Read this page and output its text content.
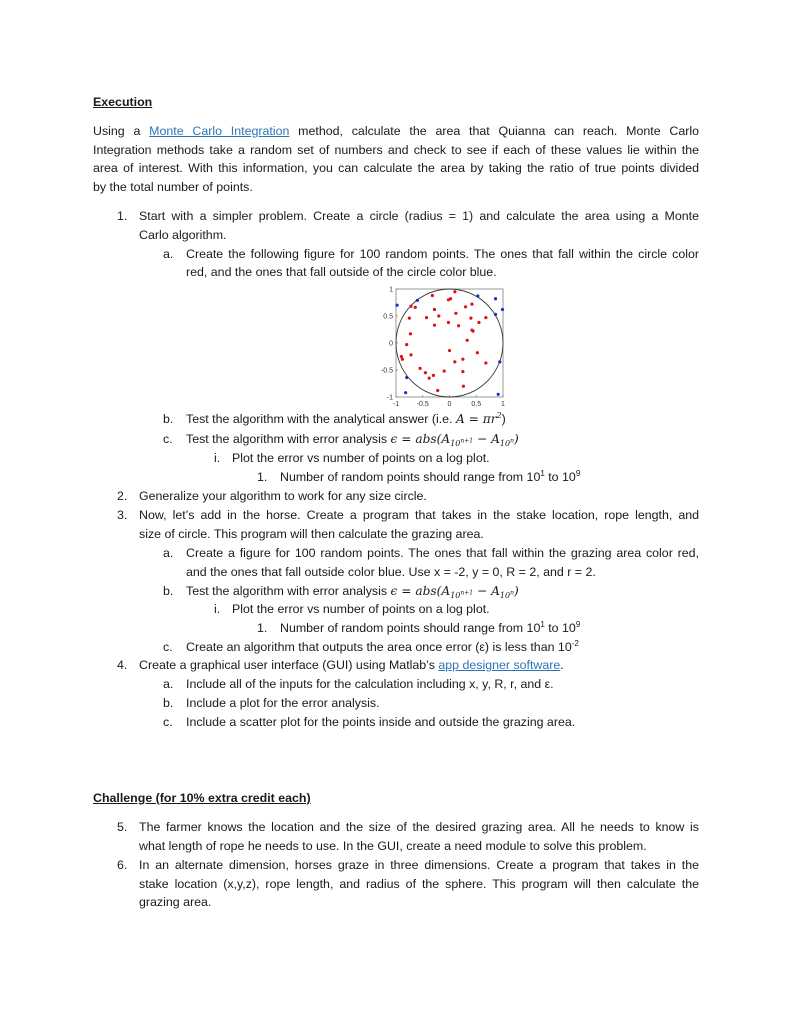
Execution
Using a Monte Carlo Integration method, calculate the area that Quianna can reach. Monte Carlo
Integration methods take a random set of numbers and check to see if each of these values lie within the
area of interest. With this information, you can calculate the area by taking the ratio of true points divided
by the total number of points.
1. Start with a simpler problem. Create a circle (radius = 1) and calculate the area using a Monte
Carlo algorithm.
a. Create the following figure for 100 random points. The ones that fall within the circle color
red, and the ones that fall outside of the circle color blue.
-1	-0.5	0	0.5	1
1
0.5
0
-0.5
-1
b. Test the algorithm with the analytical answer (i.e. $A = \pi r^2$)
c. Test the algorithm with error analysis $\epsilon = abs(A_{10^{n+1}} - A_{10^n})$
i. Plot the error vs number of points on a log plot.
1. Number of random points should range from $10^1$ to $10^9$
2. Generalize your algorithm to work for any size circle.
3. Now, let’s add in the horse. Create a program that takes in the stake location, rope length, and
size of circle. This program will then calculate the grazing area.
a. Create a figure for 100 random points. The ones that fall within the grazing area color red,
and the ones that fall outside color blue. Use x = -2, y = 0, R = 2, and r = 2.
b. Test the algorithm with error analysis $\epsilon = abs(A_{10^{n+1}} - A_{10^n})$
i. Plot the error vs number of points on a log plot.
1. Number of random points should range from $10^1$ to $10^9$
c. Create an algorithm that outputs the area once error (ε) is less than $10^{-2}$
4. Create a graphical user interface (GUI) using Matlab’s app designer software.
a. Include all of the inputs for the calculation including x, y, R, r, and ε.
b. Include a plot for the error analysis.
c. Include a scatter plot for the points inside and outside the grazing area.
Challenge (for 10% extra credit each)
5. The farmer knows the location and the size of the desired grazing area. All he needs to know is
what length of rope he needs to use. In the GUI, create a need module to solve this problem.
6. In an alternate dimension, horses graze in three dimensions. Create a program that takes in the
stake location (x,y,z), rope length, and radius of the sphere. This program will then calculate the
grazing area.
